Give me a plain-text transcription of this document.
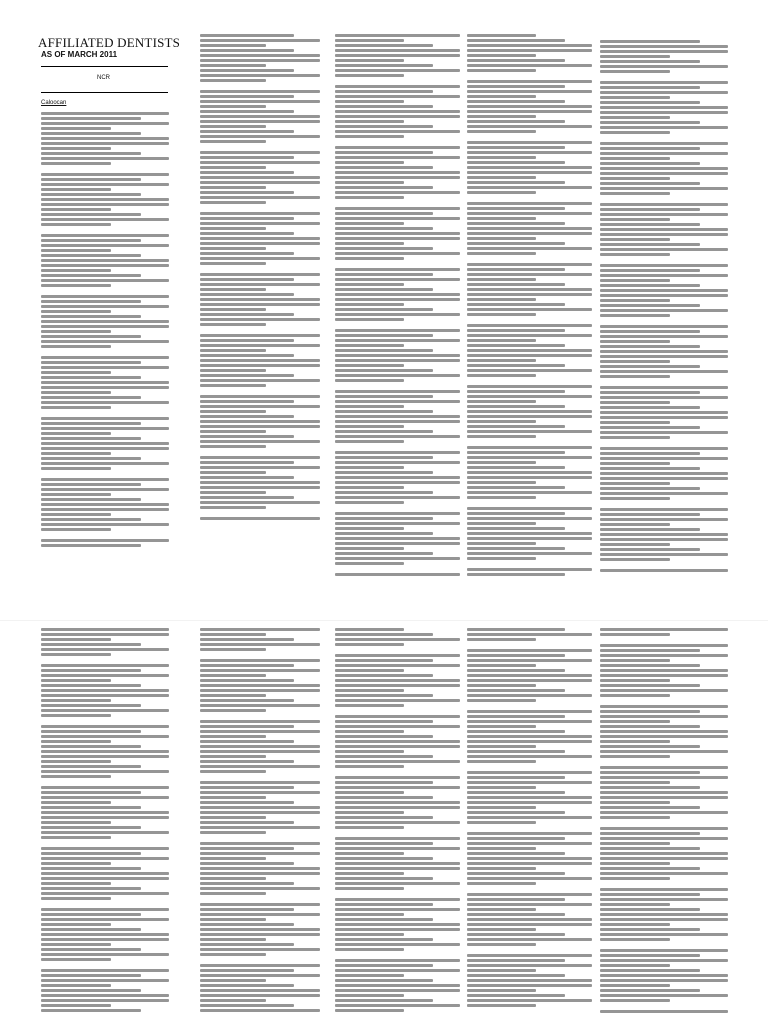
AFFILIATED DENTISTS
AS OF MARCH 2011
NCR
Caloocan
